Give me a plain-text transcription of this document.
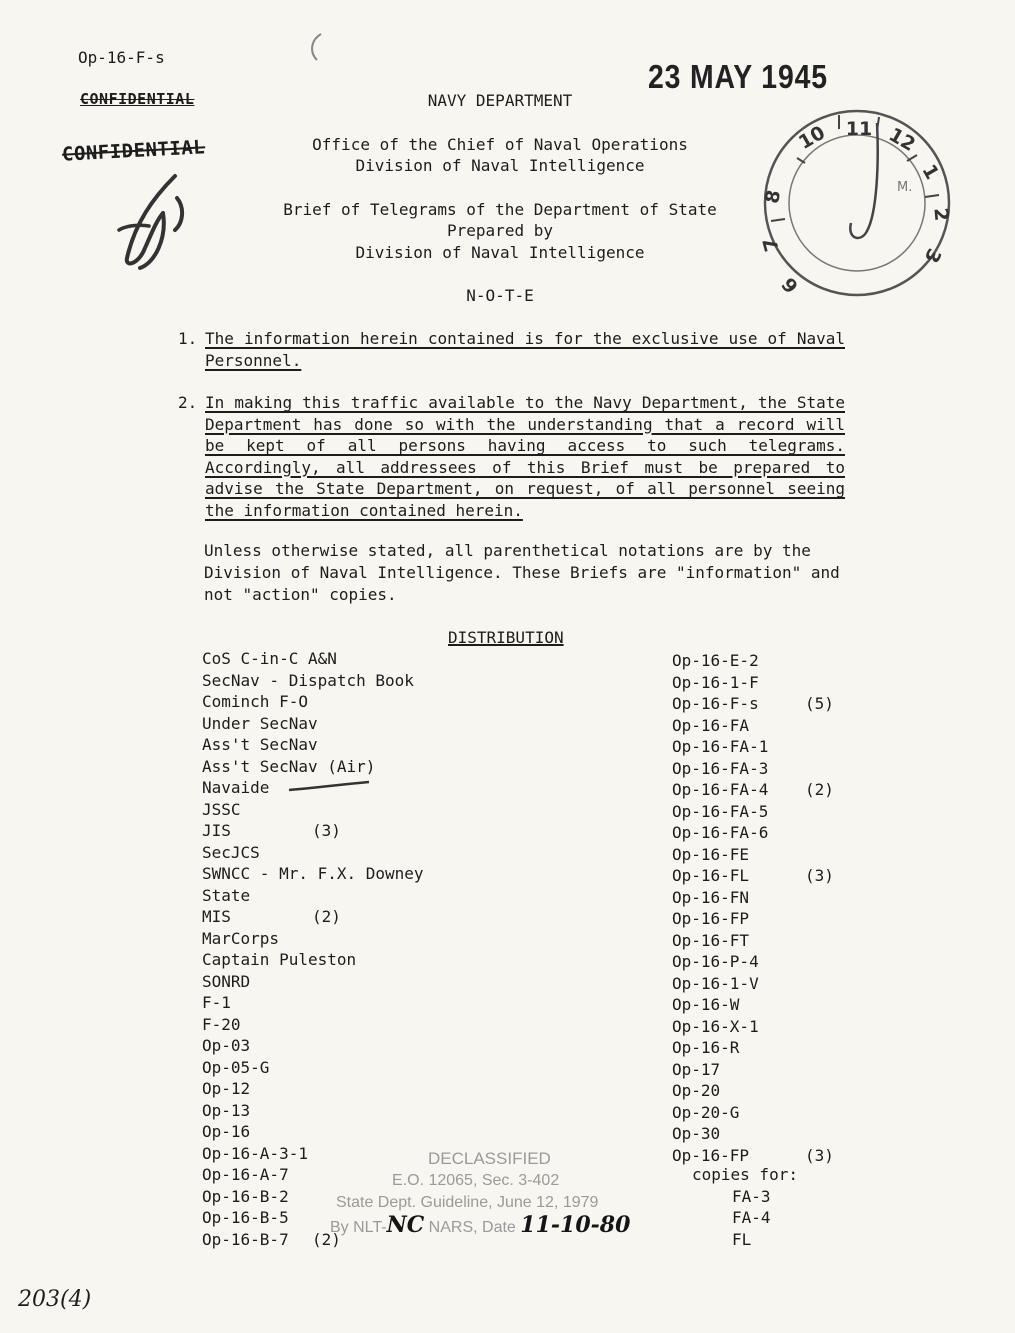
Op-16-F-s
CONFIDENTIAL
CONFIDENTIAL
23 MAY 1945
NAVY DEPARTMENT
Office of the Chief of Naval Operations
Division of Naval Intelligence
Brief of Telegrams of the Department of State
Prepared by
Division of Naval Intelligence
N-O-T-E
10 11 12
1
2
3
6
7
8
M.
1. The information herein contained is for the exclusive use of Naval Personnel.
2. In making this traffic available to the Navy Department, the State Department has done so with the understanding that a record will be kept of all persons having access to such telegrams. Accordingly, all addressees of this Brief must be prepared to advise the State Department, on request, of all personnel seeing the information contained herein.
Unless otherwise stated, all parenthetical notations are by the Division of Naval Intelligence. These Briefs are "information" and not "action" copies.
DISTRIBUTION
CoS C-in-C A&N
SecNav - Dispatch Book
Cominch F-O
Under SecNav
Ass't SecNav
Ass't SecNav (Air)
Navaide
JSSC
JIS	(3)
SecJCS
SWNCC - Mr. F.X. Downey
State
MIS	(2)
MarCorps
Captain Puleston
SONRD
F-1
F-20
Op-03
Op-05-G
Op-12
Op-13
Op-16
Op-16-A-3-1
Op-16-A-7
Op-16-B-2
Op-16-B-5
Op-16-B-7 (2)
Op-16-E-2
Op-16-1-F
Op-16-F-s	(5)
Op-16-FA
Op-16-FA-1
Op-16-FA-3
Op-16-FA-4 (2)
Op-16-FA-5
Op-16-FA-6
Op-16-FE
Op-16-FL	(3)
Op-16-FN
Op-16-FP
Op-16-FT
Op-16-P-4
Op-16-1-V
Op-16-W
Op-16-X-1
Op-16-R
Op-17
Op-20
Op-20-G
Op-30
Op-16-FP	(3)
copies for:
FA-3
FA-4
FL
DECLASSIFIED
E.O. 12065, Sec. 3-402
State Dept. Guideline, June 12, 1979
By NLT-NC NARS, Date 11-10-80
203(4)
